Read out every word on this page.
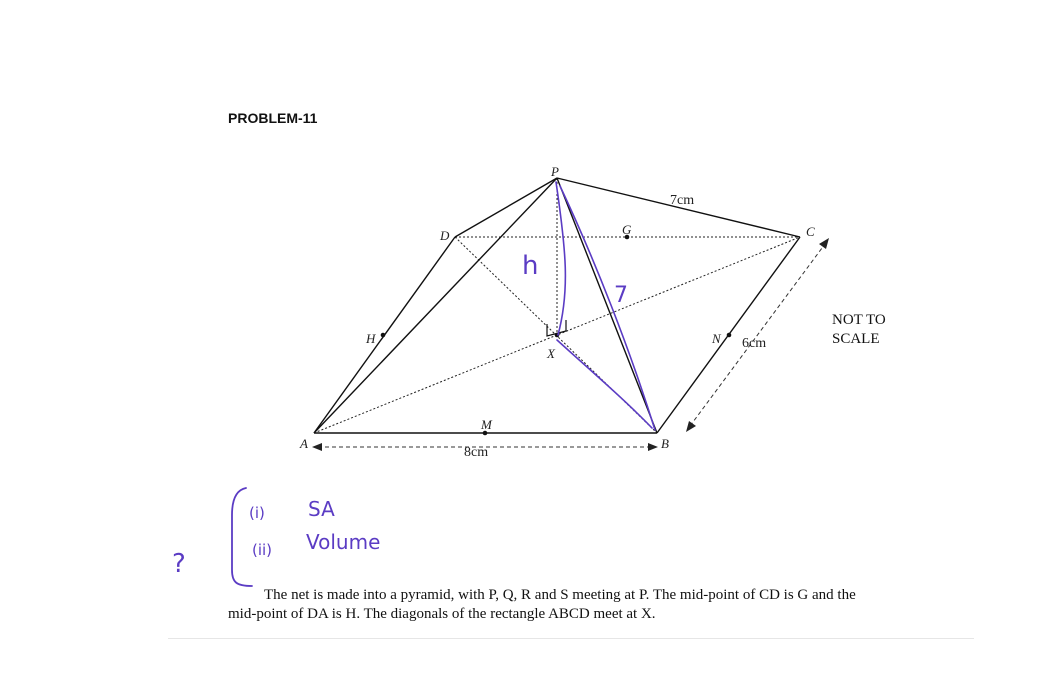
PROBLEM-11
P
D	G	C
H
X
N
A
M
B
7cm
6cm
8cm
h
7
(i) SA
(ii) Volume
?
NOT TO
SCALE
The net is made into a pyramid, with P, Q, R and S meeting at P. The mid-point of CD is G and the
mid-point of DA is H. The diagonals of the rectangle ABCD meet at X.
